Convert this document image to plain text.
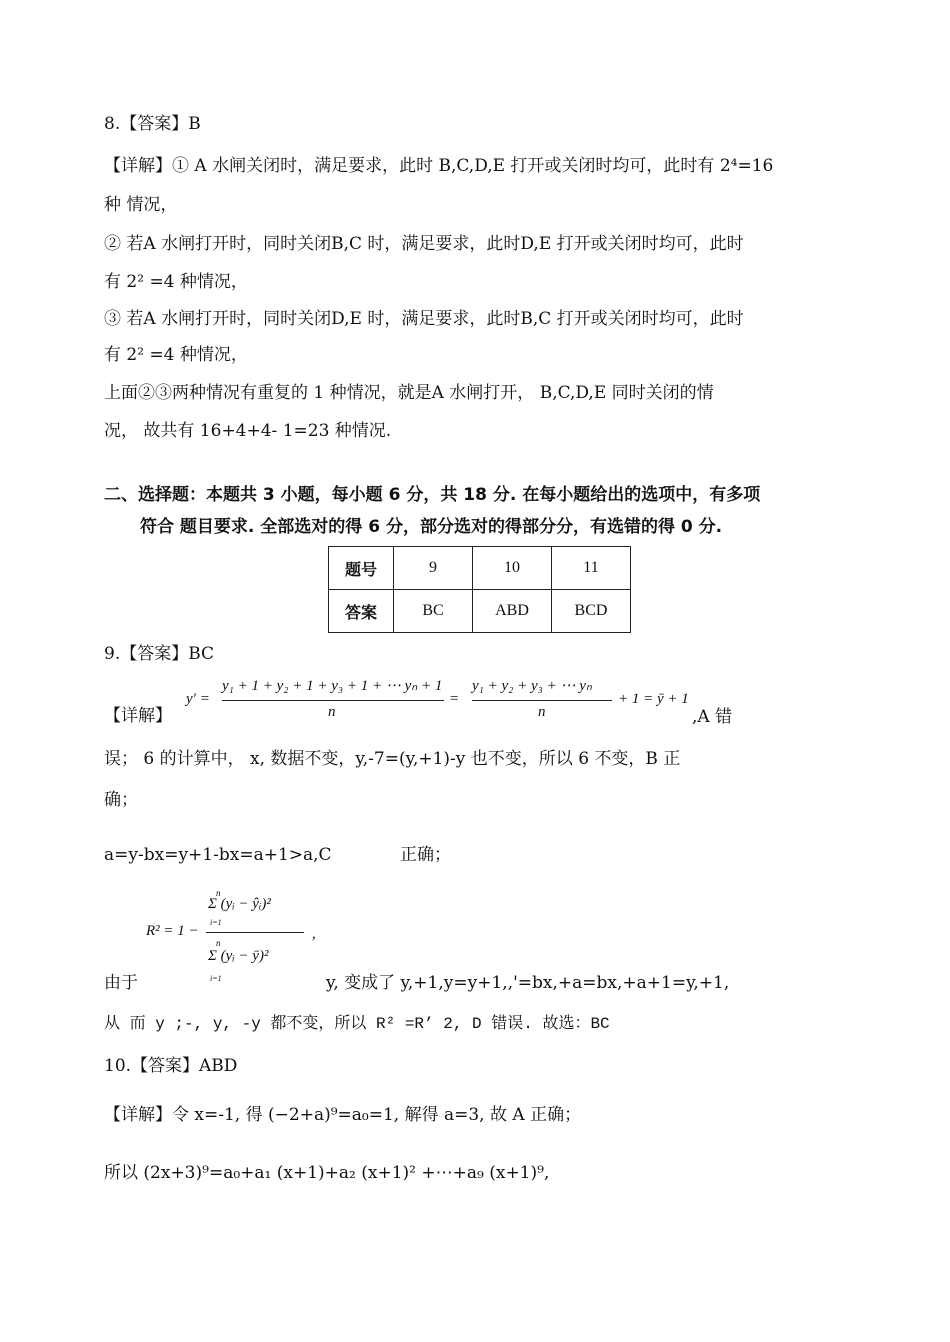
8.【答案】B
【详解】① A 水闸关闭时，满足要求，此时 B,C,D,E 打开或关闭时均可，此时有 2⁴=16
种 情况，
② 若A 水闸打开时，同时关闭B,C 时，满足要求，此时D,E 打开或关闭时均可，此时
有 2² =4 种情况，
③ 若A 水闸打开时，同时关闭D,E 时，满足要求，此时B,C 打开或关闭时均可，此时
有 2² =4 种情况，
上面②③两种情况有重复的 1 种情况，就是A 水闸打开， B,C,D,E 同时关闭的情
况， 故共有 16+4+4- 1=23 种情况.
二、选择题：本题共 3 小题，每小题 6 分，共 18 分. 在每小题给出的选项中，有多项
符合 题目要求. 全部选对的得 6 分，部分选对的得部分分，有选错的得 0 分.
题号	9	10	11
答案	BC	ABD	BCD
9.【答案】BC
【详解】
y′ =
y₁ + 1 + y₂ + 1 + y₃ + 1 + ⋯ yₙ + 1
n
=
y₁ + y₂ + y₃ + ⋯ yₙ
n
+ 1 = ȳ + 1
,A 错
误； 6 的计算中， x, 数据不变，y,-7=(y,+1)-y 也不变，所以 6 不变，B 正
确；
a=y-bx=y+1-bx=a+1>a,C	正确；
R² = 1 −
n
Σ (yᵢ − ŷᵢ)²
i=1
n
Σ (yᵢ − ȳ)²
i=1
,
由于	y, 变成了 y,+1,y=y+1,,'=bx,+a=bx,+a+1=y,+1,
从 而 y ;-, y, -y 都不变，所以 R² =R’ 2, D 错误. 故选：BC
10.【答案】ABD
【详解】令 x=-1, 得 (−2+a)⁹=a₀=1, 解得 a=3, 故 A 正确；
所以 (2x+3)⁹=a₀+a₁ (x+1)+a₂ (x+1)² +⋯+a₉ (x+1)⁹,
